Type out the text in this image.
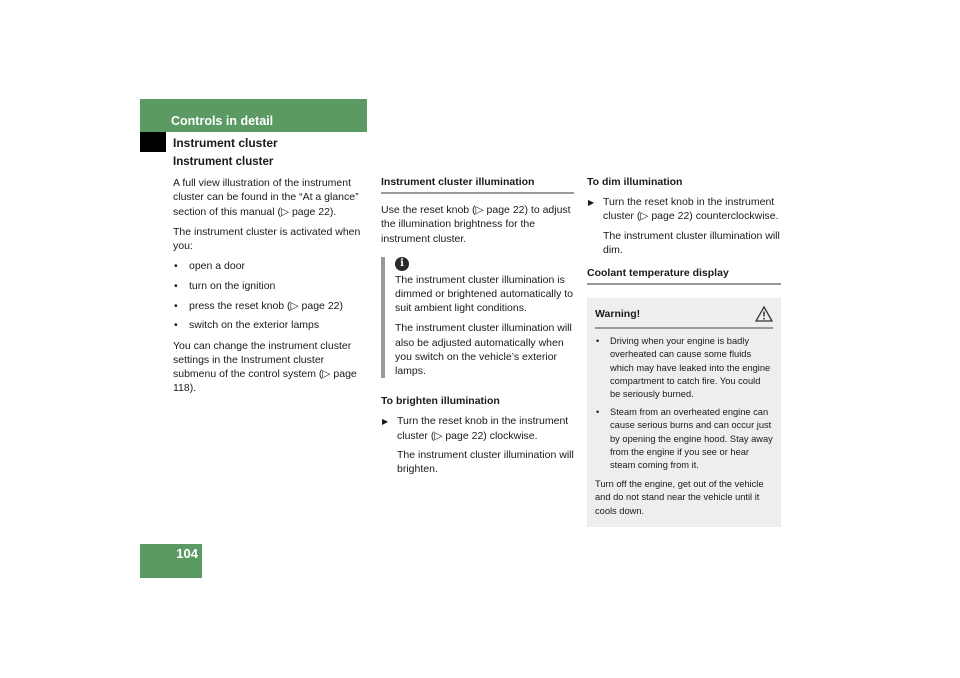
Controls in detail
Instrument cluster
104
Instrument cluster

A full view illustration of the instrument cluster can be found in the “At a glance” section of this manual (▷ page 22).

The instrument cluster is activated when you:

• open a door
• turn on the ignition
• press the reset knob (▷ page 22)
• switch on the exterior lamps

You can change the instrument cluster settings in the Instrument cluster submenu of the control system (▷ page 118).

Instrument cluster illumination

Use the reset knob (▷ page 22) to adjust the illumination brightness for the instrument cluster.

i

The instrument cluster illumination is dimmed or brightened automatically to suit ambient light conditions.

The instrument cluster illumination will also be adjusted automatically when you switch on the vehicle’s exterior lamps.

To brighten illumination
▶ Turn the reset knob in the instrument cluster (▷ page 22) clockwise.
The instrument cluster illumination will brighten.
To dim illumination
▶ Turn the reset knob in the instrument cluster (▷ page 22) counterclockwise.
The instrument cluster illumination will dim.
Coolant temperature display
Warning!
• Driving when your engine is badly overheated can cause some fluids which may have leaked into the engine compartment to catch fire. You could be seriously burned.
• Steam from an overheated engine can cause serious burns and can occur just by opening the engine hood. Stay away from the engine if you see or hear steam coming from it.

Turn off the engine, get out of the vehicle and do not stand near the vehicle until it cools down.
